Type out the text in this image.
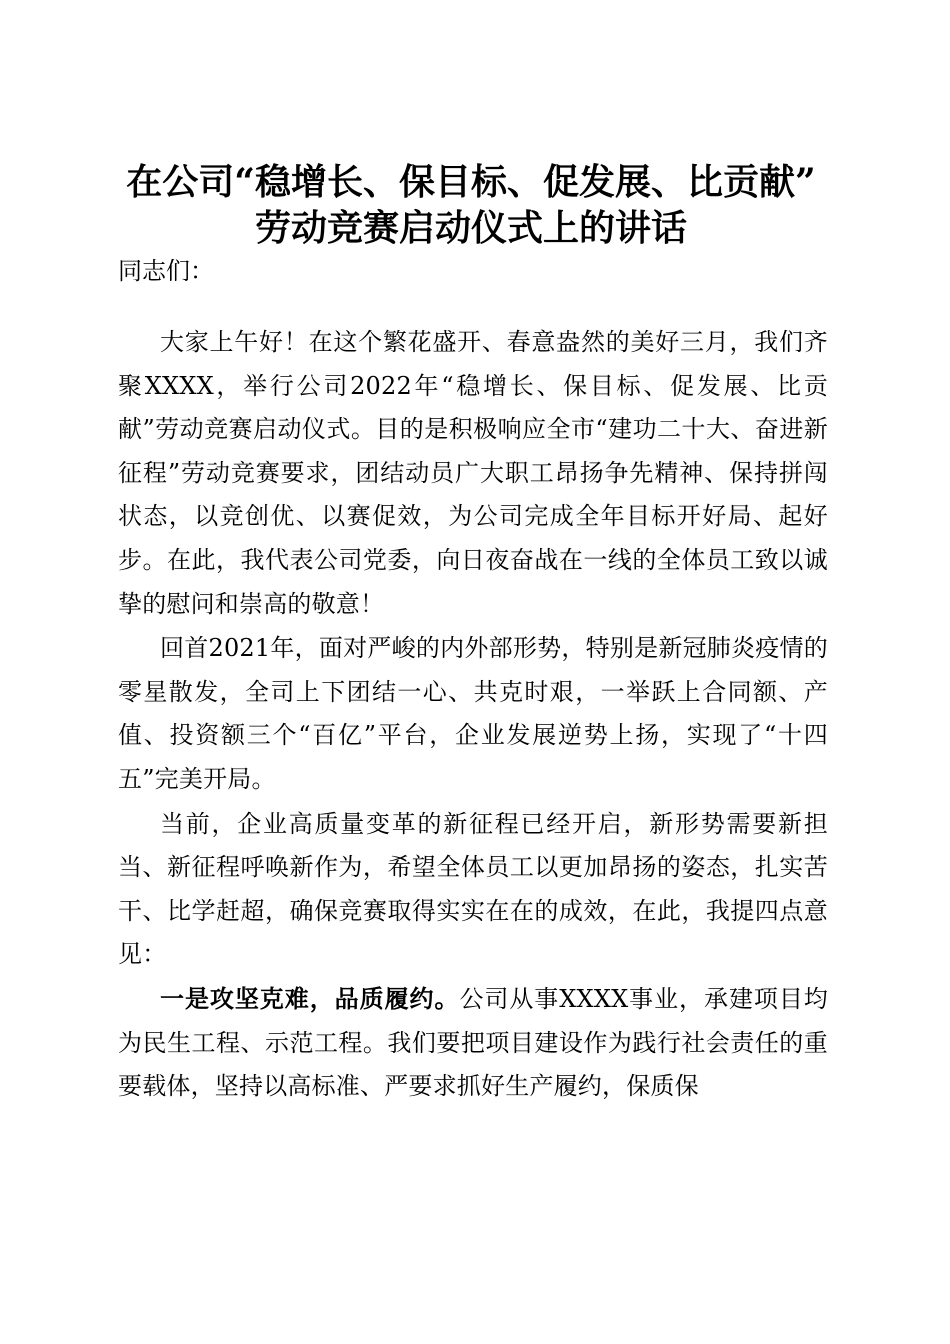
在公司“稳增长、保目标、促发展、比贡献”
劳动竞赛启动仪式上的讲话
同志们：

大家上午好！在这个繁花盛开、春意盎然的美好三月，我们齐聚XXXX，举行公司2022年“稳增长、保目标、促发展、比贡献”劳动竞赛启动仪式。目的是积极响应全市“建功二十大、奋进新征程”劳动竞赛要求，团结动员广大职工昂扬争先精神、保持拼闯状态，以竞创优、以赛促效，为公司完成全年目标开好局、起好步。在此，我代表公司党委，向日夜奋战在一线的全体员工致以诚挚的慰问和崇高的敬意！

回首2021年，面对严峻的内外部形势，特别是新冠肺炎疫情的零星散发，全司上下团结一心、共克时艰，一举跃上合同额、产值、投资额三个“百亿”平台，企业发展逆势上扬，实现了“十四五”完美开局。

当前，企业高质量变革的新征程已经开启，新形势需要新担当、新征程呼唤新作为，希望全体员工以更加昂扬的姿态，扎实苦干、比学赶超，确保竞赛取得实实在在的成效，在此，我提四点意见：

一是攻坚克难，品质履约。公司从事XXXX事业，承建项目均为民生工程、示范工程。我们要把项目建设作为践行社会责任的重要载体，坚持以高标准、严要求抓好生产履约，保质保
